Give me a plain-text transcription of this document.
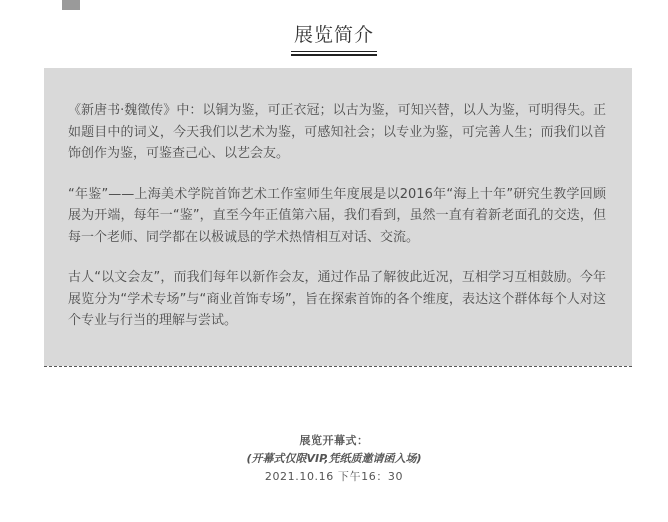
展览简介

《新唐书·魏徵传》中：以铜为鉴，可正衣冠；以古为鉴，可知兴替，以人为鉴，可明得失。正如题目中的词义，今天我们以艺术为鉴，可感知社会；以专业为鉴，可完善人生；而我们以首饰创作为鉴，可鉴查己心、以艺会友。

“年鉴”——上海美术学院首饰艺术工作室师生年度展是以2016年“海上十年”研究生教学回顾展为开端，每年一“鉴”，直至今年正值第六届，我们看到，虽然一直有着新老面孔的交迭，但每一个老师、同学都在以极诚恳的学术热情相互对话、交流。

古人“以文会友”，而我们每年以新作会友，通过作品了解彼此近况，互相学习互相鼓励。今年展览分为“学术专场”与“商业首饰专场”，旨在探索首饰的各个维度，表达这个群体每个人对这个专业与行当的理解与尝试。

展览开幕式：
(开幕式仅限VIP,凭纸质邀请函入场)
2021.10.16 下午16：30
